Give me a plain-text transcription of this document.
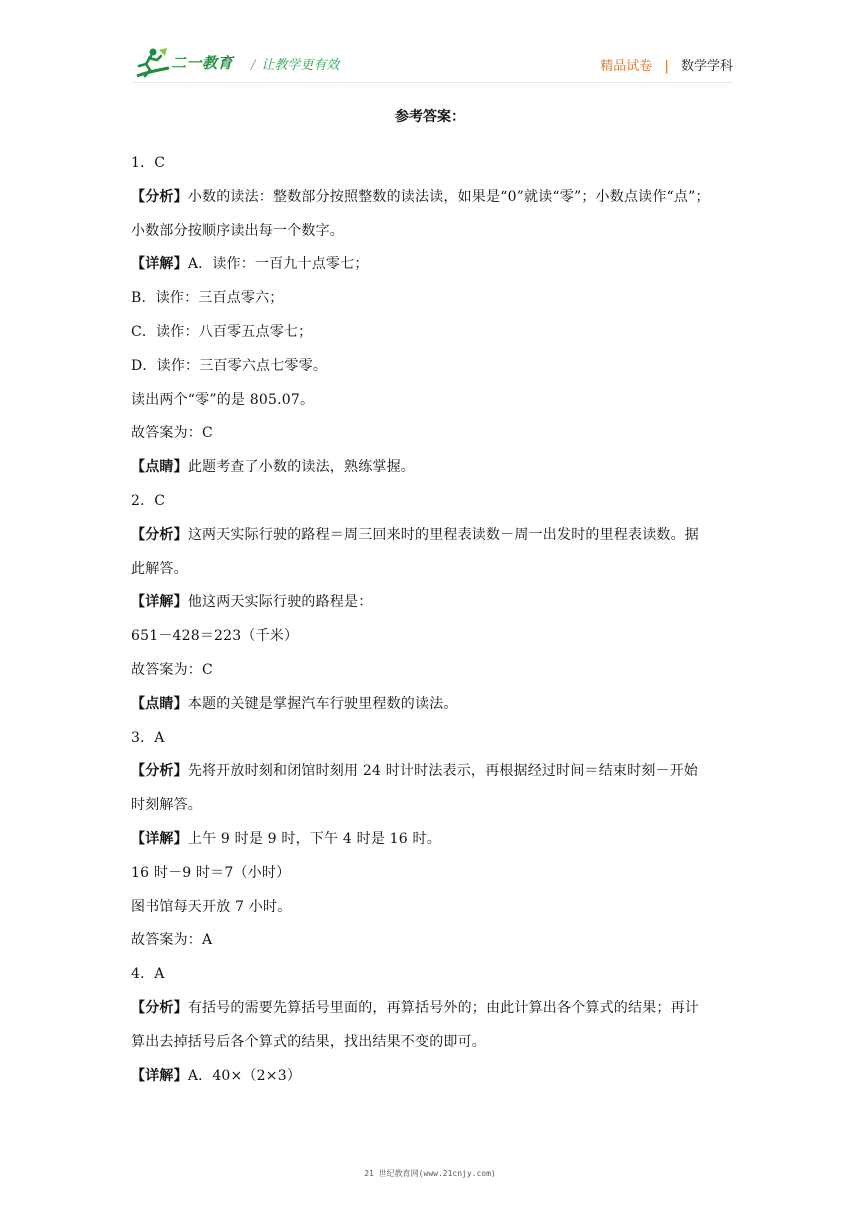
二一教育 / 让教学更有效	精品试卷 | 数学学科
参考答案：
1．C
【分析】小数的读法：整数部分按照整数的读法读，如果是“0”就读“零”；小数点读作“点”；
小数部分按顺序读出每一个数字。
【详解】A．读作：一百九十点零七；
B．读作：三百点零六；
C．读作：八百零五点零七；
D．读作：三百零六点七零零。
读出两个“零”的是 805.07。
故答案为：C
【点睛】此题考查了小数的读法，熟练掌握。
2．C
【分析】这两天实际行驶的路程＝周三回来时的里程表读数－周一出发时的里程表读数。据
此解答。
【详解】他这两天实际行驶的路程是：
651－428＝223（千米）
故答案为：C
【点睛】本题的关键是掌握汽车行驶里程数的读法。
3．A
【分析】先将开放时刻和闭馆时刻用 24 时计时法表示，再根据经过时间＝结束时刻－开始
时刻解答。
【详解】上午 9 时是 9 时，下午 4 时是 16 时。
16 时－9 时＝7（小时）
图书馆每天开放 7 小时。
故答案为：A
4．A
【分析】有括号的需要先算括号里面的，再算括号外的；由此计算出各个算式的结果；再计
算出去掉括号后各个算式的结果，找出结果不变的即可。
【详解】A．40×（2×3）
21 世纪教育网(www.21cnjy.com)
